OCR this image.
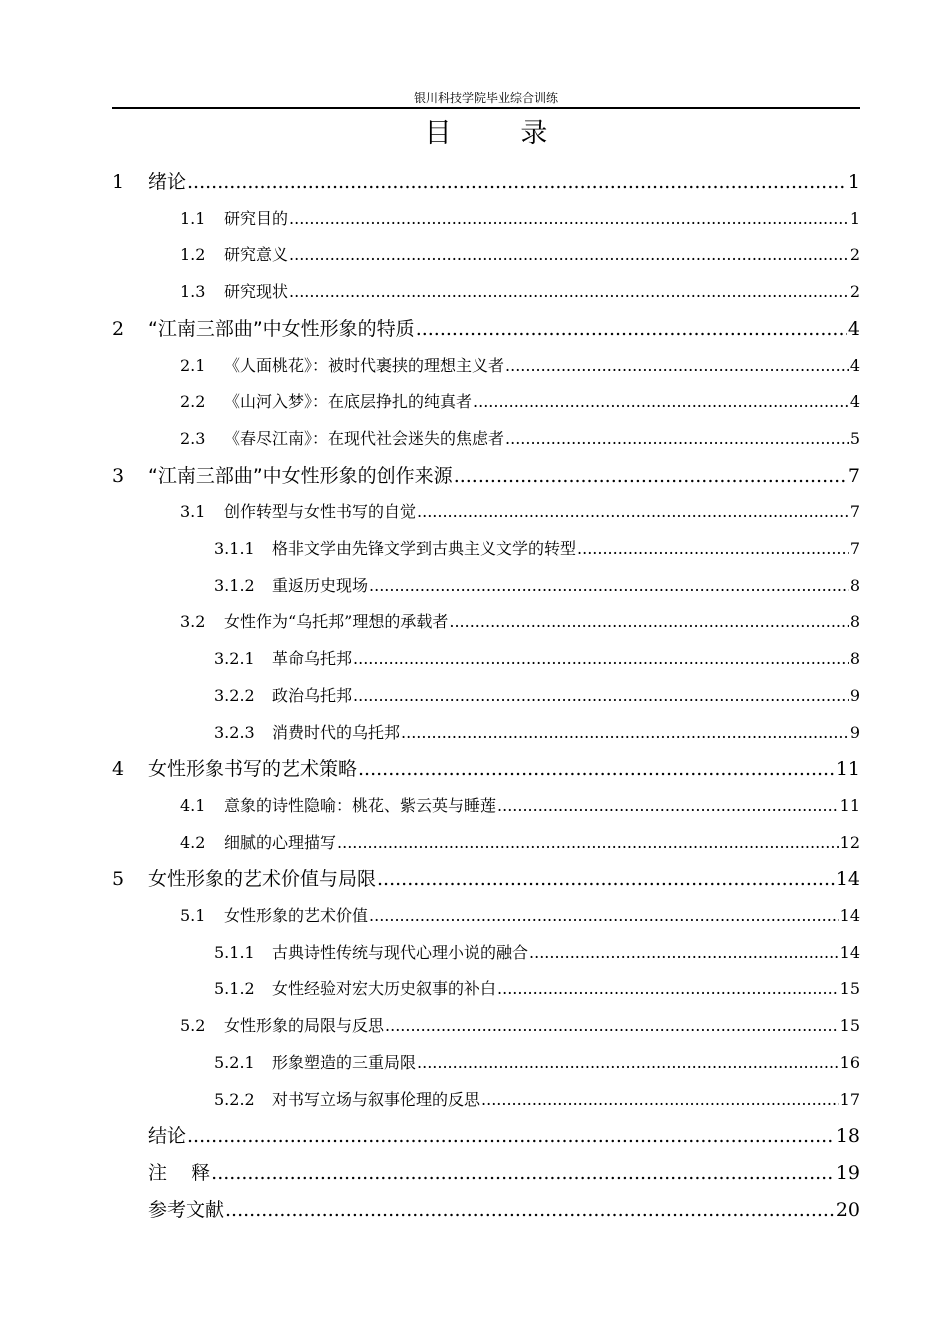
银川科技学院毕业综合训练
目        录
1	绪论 .....	1
1.1	研究目的 .....	1
1.2	研究意义 .....	2
1.3	研究现状 .....	2
2	“江南三部曲”中女性形象的特质 .....	4
2.1	《人面桃花》：被时代裹挟的理想主义者 .....	4
2.2	《山河入梦》：在底层挣扎的纯真者 .....	4
2.3	《春尽江南》：在现代社会迷失的焦虑者 .....	5
3	“江南三部曲”中女性形象的创作来源 .....	7
3.1	创作转型与女性书写的自觉 .....	7
3.1.1	格非文学由先锋文学到古典主义文学的转型 .....	7
3.1.2	重返历史现场 .....	8
3.2	女性作为“乌托邦”理想的承载者 .....	8
3.2.1	革命乌托邦 .....	8
3.2.2	政治乌托邦 .....	9
3.2.3	消费时代的乌托邦 .....	9
4	女性形象书写的艺术策略 .....	11
4.1	意象的诗性隐喻：桃花、紫云英与睡莲 .....	11
4.2	细腻的心理描写 .....	12
5	女性形象的艺术价值与局限 .....	14
5.1	女性形象的艺术价值 .....	14
5.1.1	古典诗性传统与现代心理小说的融合 .....	14
5.1.2	女性经验对宏大历史叙事的补白 .....	15
5.2	女性形象的局限与反思 .....	15
5.2.1	形象塑造的三重局限 .....	16
5.2.2	对书写立场与叙事伦理的反思 .....	17
结论 .....	18
注    释 .....	19
参考文献 .....	20
